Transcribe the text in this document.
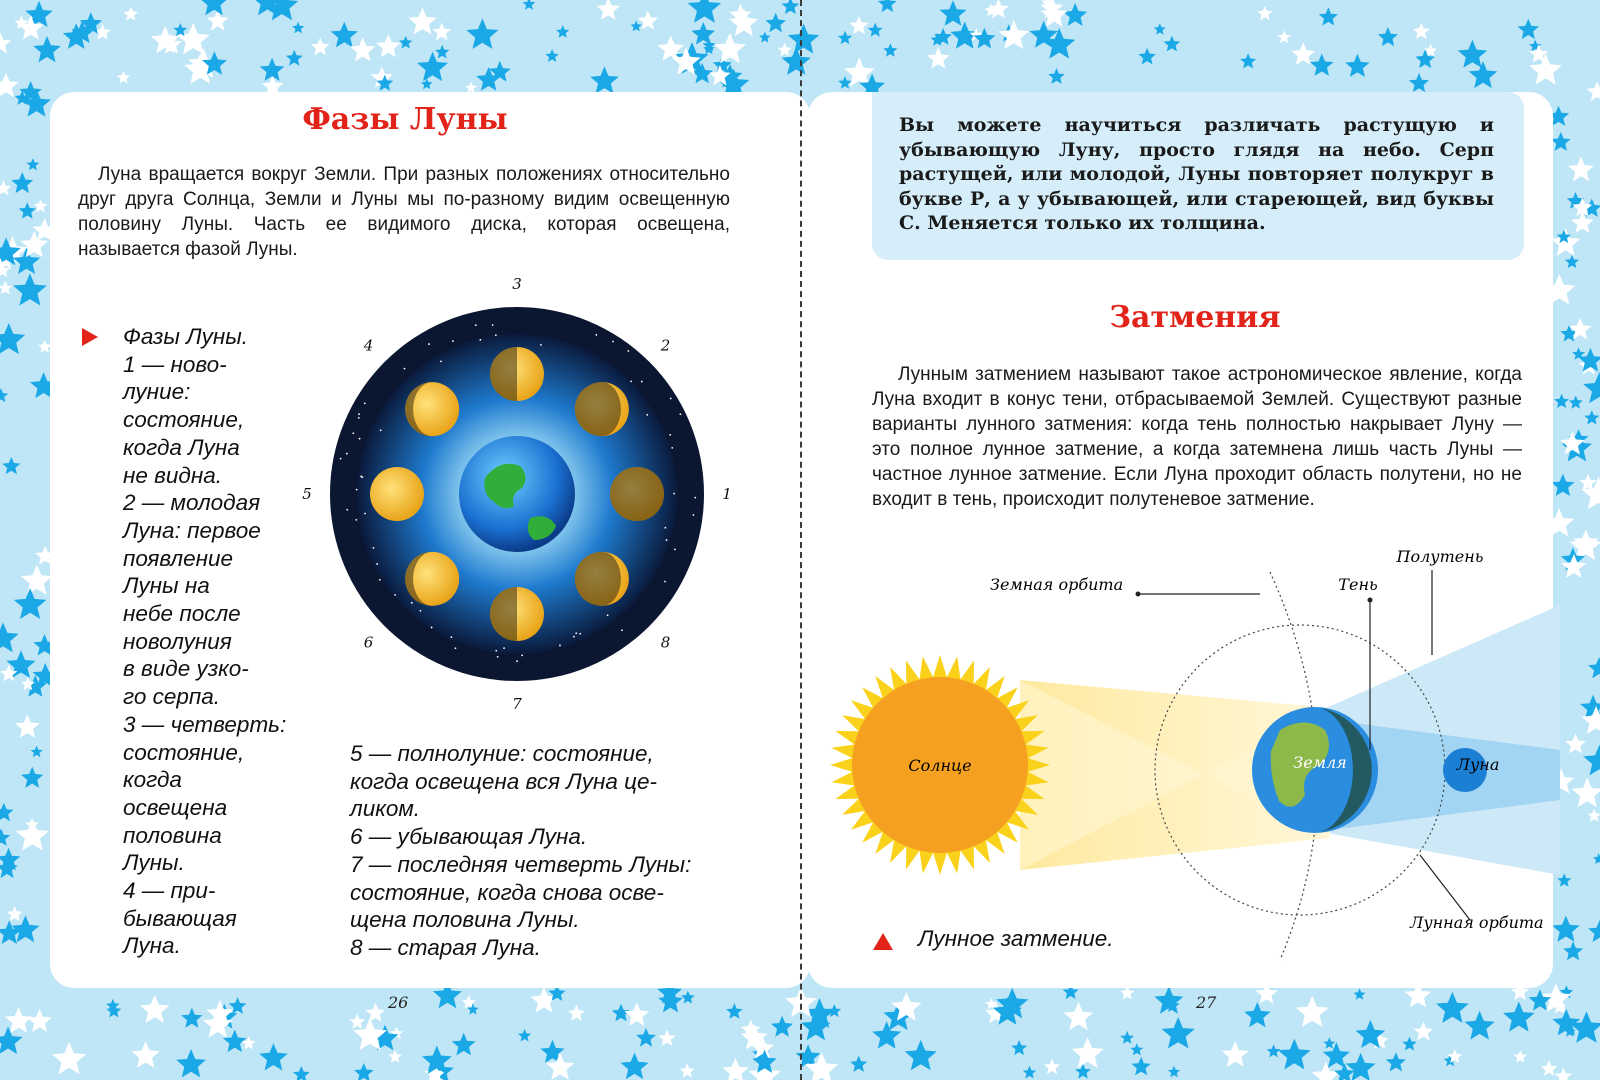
Фазы Луны

Луна вращается вокруг Земли. При разных положениях относительно друг друга Солнца, Земли и Луны мы по-разному видим освещенную половину Луны. Часть ее видимого диска, которая освещена, называется фазой Луны.

1
2
3
4
5
6
7
8

Фазы Луны.
1 — ново-
луние:
состояние,
когда Луна
не видна.
2 — молодая
Луна: первое
появление
Луны на
небе после
новолуния
в виде узко-
го серпа.
3 — четверть:
состояние,
когда
освещена
половина
Луны.
4 — при-
бывающая
Луна.

5 — полнолуние: состояние,
когда освещена вся Луна це-
ликом.
6 — убывающая Луна.
7 — последняя четверть Луны:
состояние, когда снова осве-
щена половина Луны.
8 — старая Луна.

26

Вы можете научиться различать растущую и убывающую Луну, просто глядя на небо. Серп растущей, или молодой, Луны повторяет полукруг в букве Р, а у убывающей, или стареющей, вид буквы С. Меняется только их толщина.

Затмения

Лунным затмением называют такое астрономическое явление, когда Луна входит в конус тени, отбрасываемой Землей. Существуют разные варианты лунного затмения: когда тень полностью накрывает Луну — это полное лунное затмение, а когда затемнена лишь часть Луны — частное лунное затмение. Если Луна проходит область полутени, но не входит в тень, происходит полутеневое затмение.

Земная орбита	Тень
Полутень
Солнце	Земля	Луна
Лунная орбита

Лунное затмение.

27
